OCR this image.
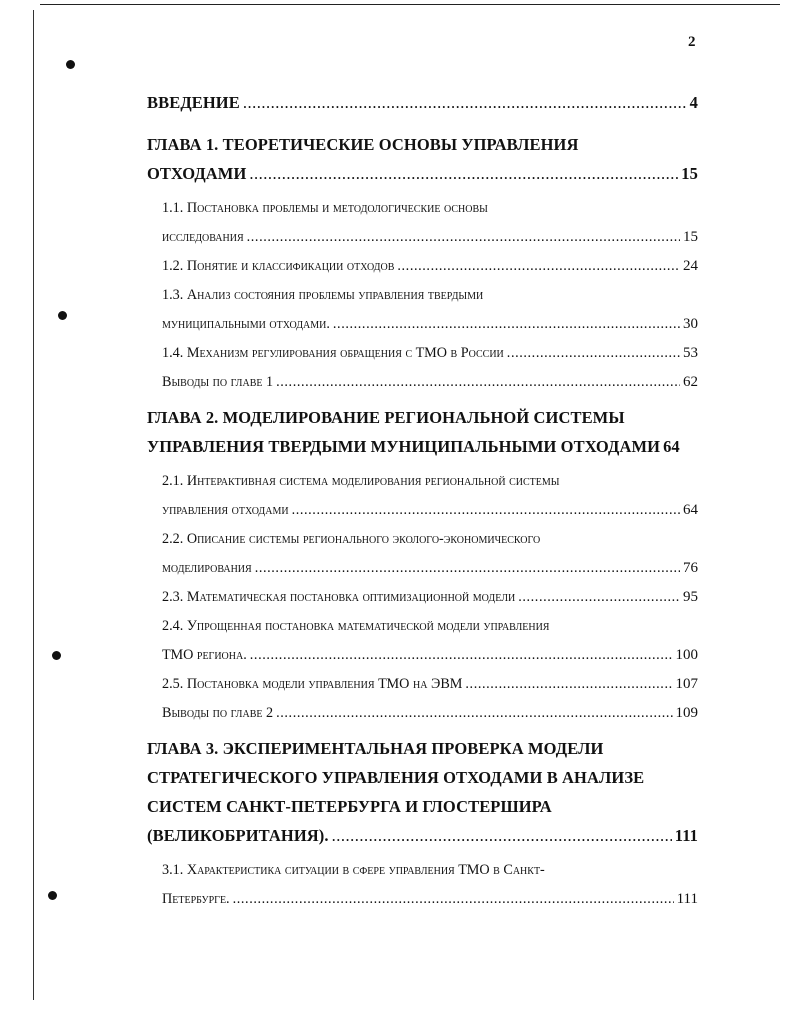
2
ВВЕДЕНИЕ .....	4
ГЛАВА 1. ТЕОРЕТИЧЕСКИЕ ОСНОВЫ УПРАВЛЕНИЯ
ОТХОДАМИ .....	15
1.1. Постановка проблемы и методологические основы
исследования .....	15
1.2. Понятие и классификации отходов .....	24
1.3. Анализ состояния проблемы управления твердыми
муниципальными отходами. .....	30
1.4. Механизм регулирования обращения с ТМО в России .....	53
Выводы по главе 1 .....	62
ГЛАВА 2. МОДЕЛИРОВАНИЕ РЕГИОНАЛЬНОЙ СИСТЕМЫ
УПРАВЛЕНИЯ ТВЕРДЫМИ МУНИЦИПАЛЬНЫМИ ОТХОДАМИ 64
2.1. Интерактивная система моделирования региональной системы
управления отходами .....	64
2.2. Описание системы регионального эколого-экономического
моделирования .....	76
2.3. Математическая постановка оптимизационной модели .....	95
2.4. Упрощенная постановка математической модели управления
ТМО региона. .....	100
2.5. Постановка модели управления ТМО на ЭВМ .....	107
Выводы по главе 2 .....	109
ГЛАВА 3. ЭКСПЕРИМЕНТАЛЬНАЯ ПРОВЕРКА МОДЕЛИ
СТРАТЕГИЧЕСКОГО УПРАВЛЕНИЯ ОТХОДАМИ В АНАЛИЗЕ
СИСТЕМ САНКТ-ПЕТЕРБУРГА И ГЛОСТЕРШИРА
(ВЕЛИКОБРИТАНИЯ). .....	111
3.1. Характеристика ситуации в сфере управления ТМО в Санкт-
Петербурге. .....	111
